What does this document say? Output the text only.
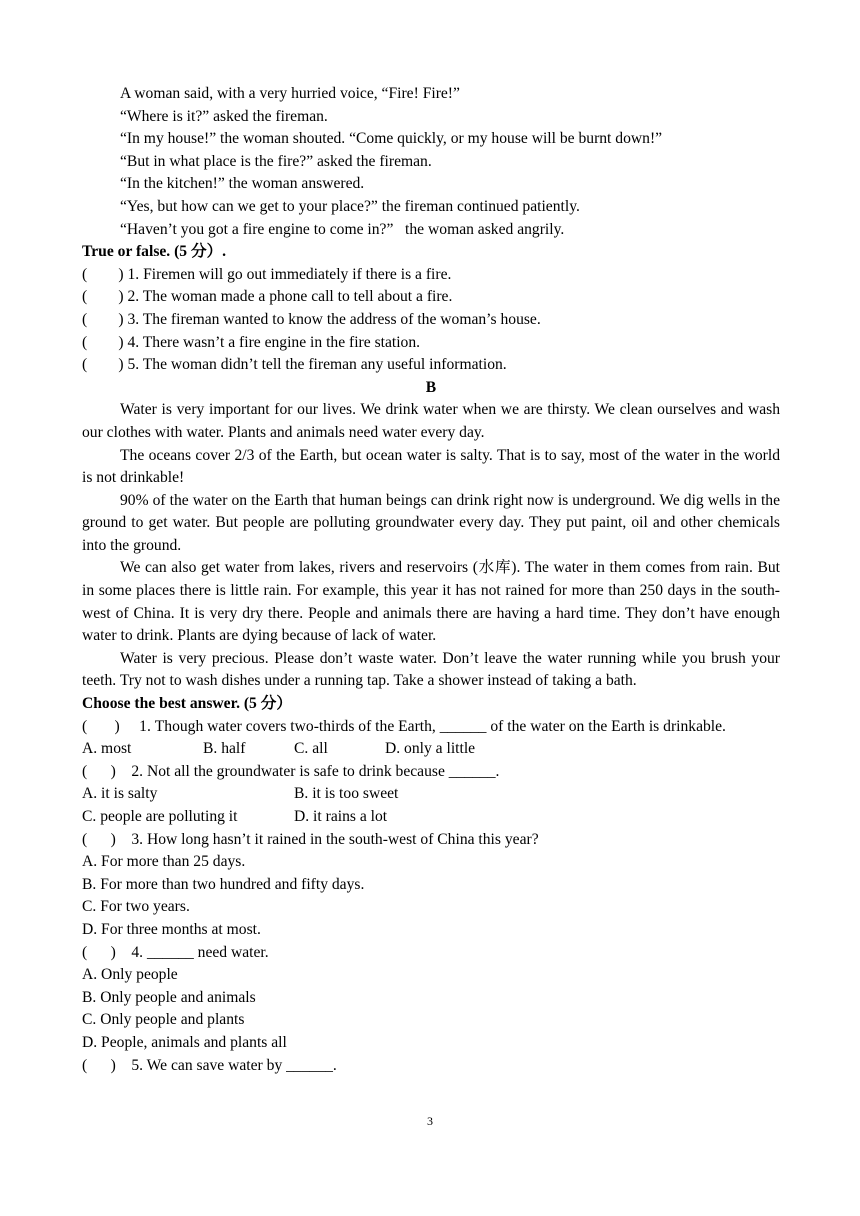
A woman said, with a very hurried voice, “Fire! Fire!”

“Where is it?” asked the fireman.

“In my house!” the woman shouted. “Come quickly, or my house will be burnt down!”

“But in what place is the fire?” asked the fireman.

“In the kitchen!” the woman answered.

“Yes, but how can we get to your place?” the fireman continued patiently.

“Haven’t you got a fire engine to come in?”   the woman asked angrily.

True or false. (5 分）.

(        ) 1. Firemen will go out immediately if there is a fire.

(        ) 2. The woman made a phone call to tell about a fire.

(        ) 3. The fireman wanted to know the address of the woman’s house.

(        ) 4. There wasn’t a fire engine in the fire station.

(        ) 5. The woman didn’t tell the fireman any useful information.

B

Water is very important for our lives. We drink water when we are thirsty. We clean ourselves and wash our clothes with water. Plants and animals need water every day.

The oceans cover 2/3 of the Earth, but ocean water is salty. That is to say, most of the water in the world is not drinkable!

90% of the water on the Earth that human beings can drink right now is underground. We dig wells in the ground to get water. But people are polluting groundwater every day. They put paint, oil and other chemicals into the ground.

We can also get water from lakes, rivers and reservoirs (水库). The water in them comes from rain. But in some places there is little rain. For example, this year it has not rained for more than 250 days in the south-west of China. It is very dry there. People and animals there are having a hard time. They don’t have enough water to drink. Plants are dying because of lack of water.

Water is very precious. Please don’t waste water. Don’t leave the water running while you brush your teeth. Try not to wash dishes under a running tap. Take a shower instead of taking a bath.

Choose the best answer. (5 分）

(       )     1. Though water covers two-thirds of the Earth, ______ of the water on the Earth is drinkable.
A. most	B. half	C. all	D. only a little

(      )    2. Not all the groundwater is safe to drink because ______.

A. it is salty	B. it is too sweet
C. people are polluting it	D. it rains a lot

(      )    3. How long hasn’t it rained in the south-west of China this year?

A. For more than 25 days.

B. For more than two hundred and fifty days.

C. For two years.

D. For three months at most.

(      )    4. ______ need water.

A. Only people

B. Only people and animals

C. Only people and plants

D. People, animals and plants all

(      )    5. We can save water by ______.

3
